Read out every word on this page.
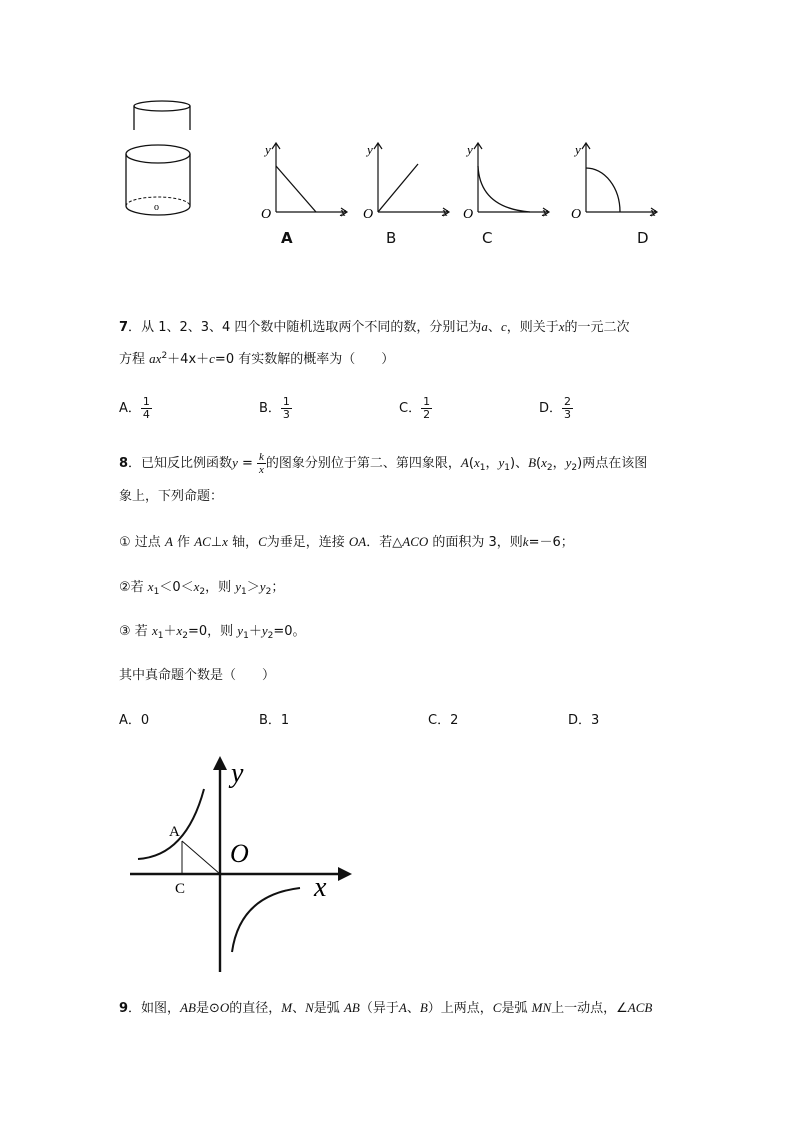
o
y
x
O
y
x
O
y
x
O
y
x
O
A	B	C	D
7．从 1、2、3、4 四个数中随机选取两个不同的数，分别记为a、c，则关于x的一元二次
方程 $ax^2+4x+c=0$ 有实数解的概率为（　　）
A． $\frac{1}{4}$	B． $\frac{1}{3}$	C． $\frac{1}{2}$	D． $\frac{2}{3}$
8．已知反比例函数$y = \frac{k}{x}$ 的图象分别位于第二、第四象限，$A(x_1$，$y_1$)、$B(x_2$，$y_2$)两点在该图
象上，下列命题：
① 过点 A 作 AC⊥x 轴，C为垂足，连接 OA．若△ACO 的面积为 3，则k=－6；
②若 $x_1<0<x_2$，则 $y_1>y_2$；
③ 若 $x_1+x_2=0$，则 $y_1+y_2=0$。
其中真命题个数是（　　）
A．0	B．1	C．2	D．3
A
C
O
y
x
9．如图，AB是⊙O的直径，M、N是弧 AB（异于A、B）上两点，C是弧 MN上一动点，∠ACB
